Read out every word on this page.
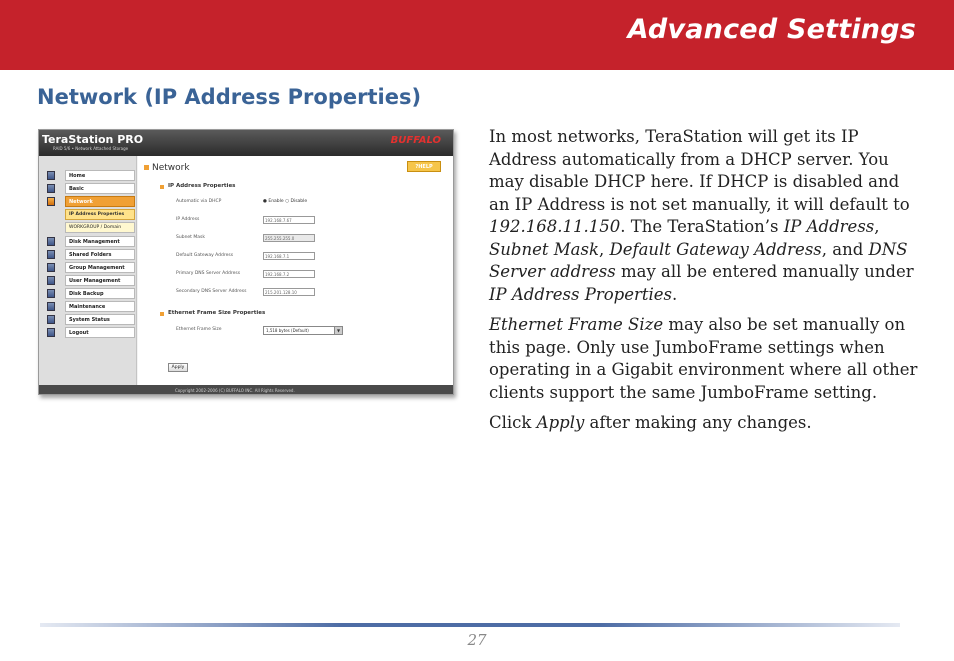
Advanced Settings
Network (IP Address Properties)
TeraStation PRO
RAID 5/6 • Network Attached Storage
BUFFALO
Home
Basic
Network
IP Address Properties
WORKGROUP / Domain
Disk Management
Shared Folders
Group Management
User Management
Disk Backup
Maintenance
System Status
Logout
Network	?HELP
IP Address Properties
Automatic via DHCP	● Enable ○ Disable
IP Address	192.168.7.67
Subnet Mask	255.255.255.0
Default Gateway Address	192.168.7.1
Primary DNS Server Address	192.168.7.2
Secondary DNS Server Address	215.201.128.10
Ethernet Frame Size Properties
Ethernet Frame Size	1,518 bytes (Default)	▼
Apply
Copyright 2002-2006 (C) BUFFALO INC. All Rights Reserved.

In most networks, TeraStation will get its IP Address automatically from a DHCP server. You may disable DHCP here. If DHCP is disabled and an IP Address is not set manually, it will default to 192.168.11.150. The TeraStation’s IP Address, Subnet Mask, Default Gateway Address, and DNS Server address may all be entered manually under IP Address Properties.

Ethernet Frame Size may also be set manually on this page. Only use JumboFrame settings when operating in a Gigabit environment where all other clients support the same JumboFrame setting.

Click Apply after making any changes.

27
